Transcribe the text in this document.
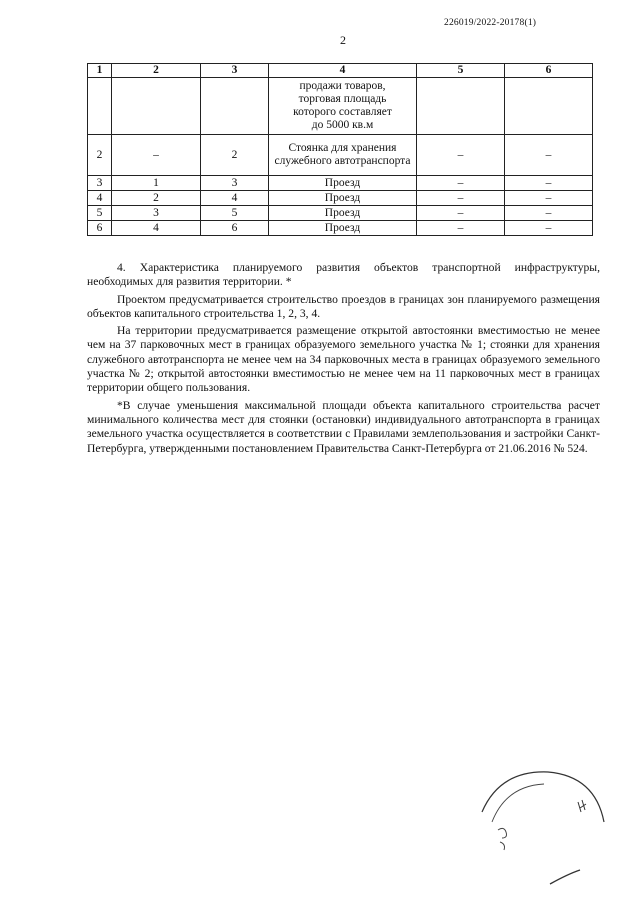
226019/2022-20178(1)
2
1	2	3	4	5	6

			продажи товаров,
торговая площадь
которого составляет
до 5000 кв.м		

2	–	2	Стоянка для хранения служебного автотранспорта	–	–
3	1	3	Проезд	–	–
4	2	4	Проезд	–	–
5	3	5	Проезд	–	–
6	4	6	Проезд	–	–

4. Характеристика планируемого развития объектов транспортной инфраструктуры, необходимых для развития территории. *

Проектом предусматривается строительство проездов в границах зон планируемого размещения объектов капитального строительства 1, 2, 3, 4.

На территории предусматривается размещение открытой автостоянки вместимостью не менее чем на 37 парковочных мест в границах образуемого земельного участка № 1; стоянки для хранения служебного автотранспорта не менее чем на 34 парковочных места в границах образуемого земельного участка № 2; открытой автостоянки вместимостью не менее чем на 11 парковочных мест в границах территории общего пользования.

*В случае уменьшения максимальной площади объекта капитального строительства расчет минимального количества мест для стоянки (остановки) индивидуального автотранспорта в границах земельного участка осуществляется в соответствии с Правилами землепользования и застройки Санкт-Петербурга, утвержденными постановлением Правительства Санкт-Петербурга от 21.06.2016 № 524.
